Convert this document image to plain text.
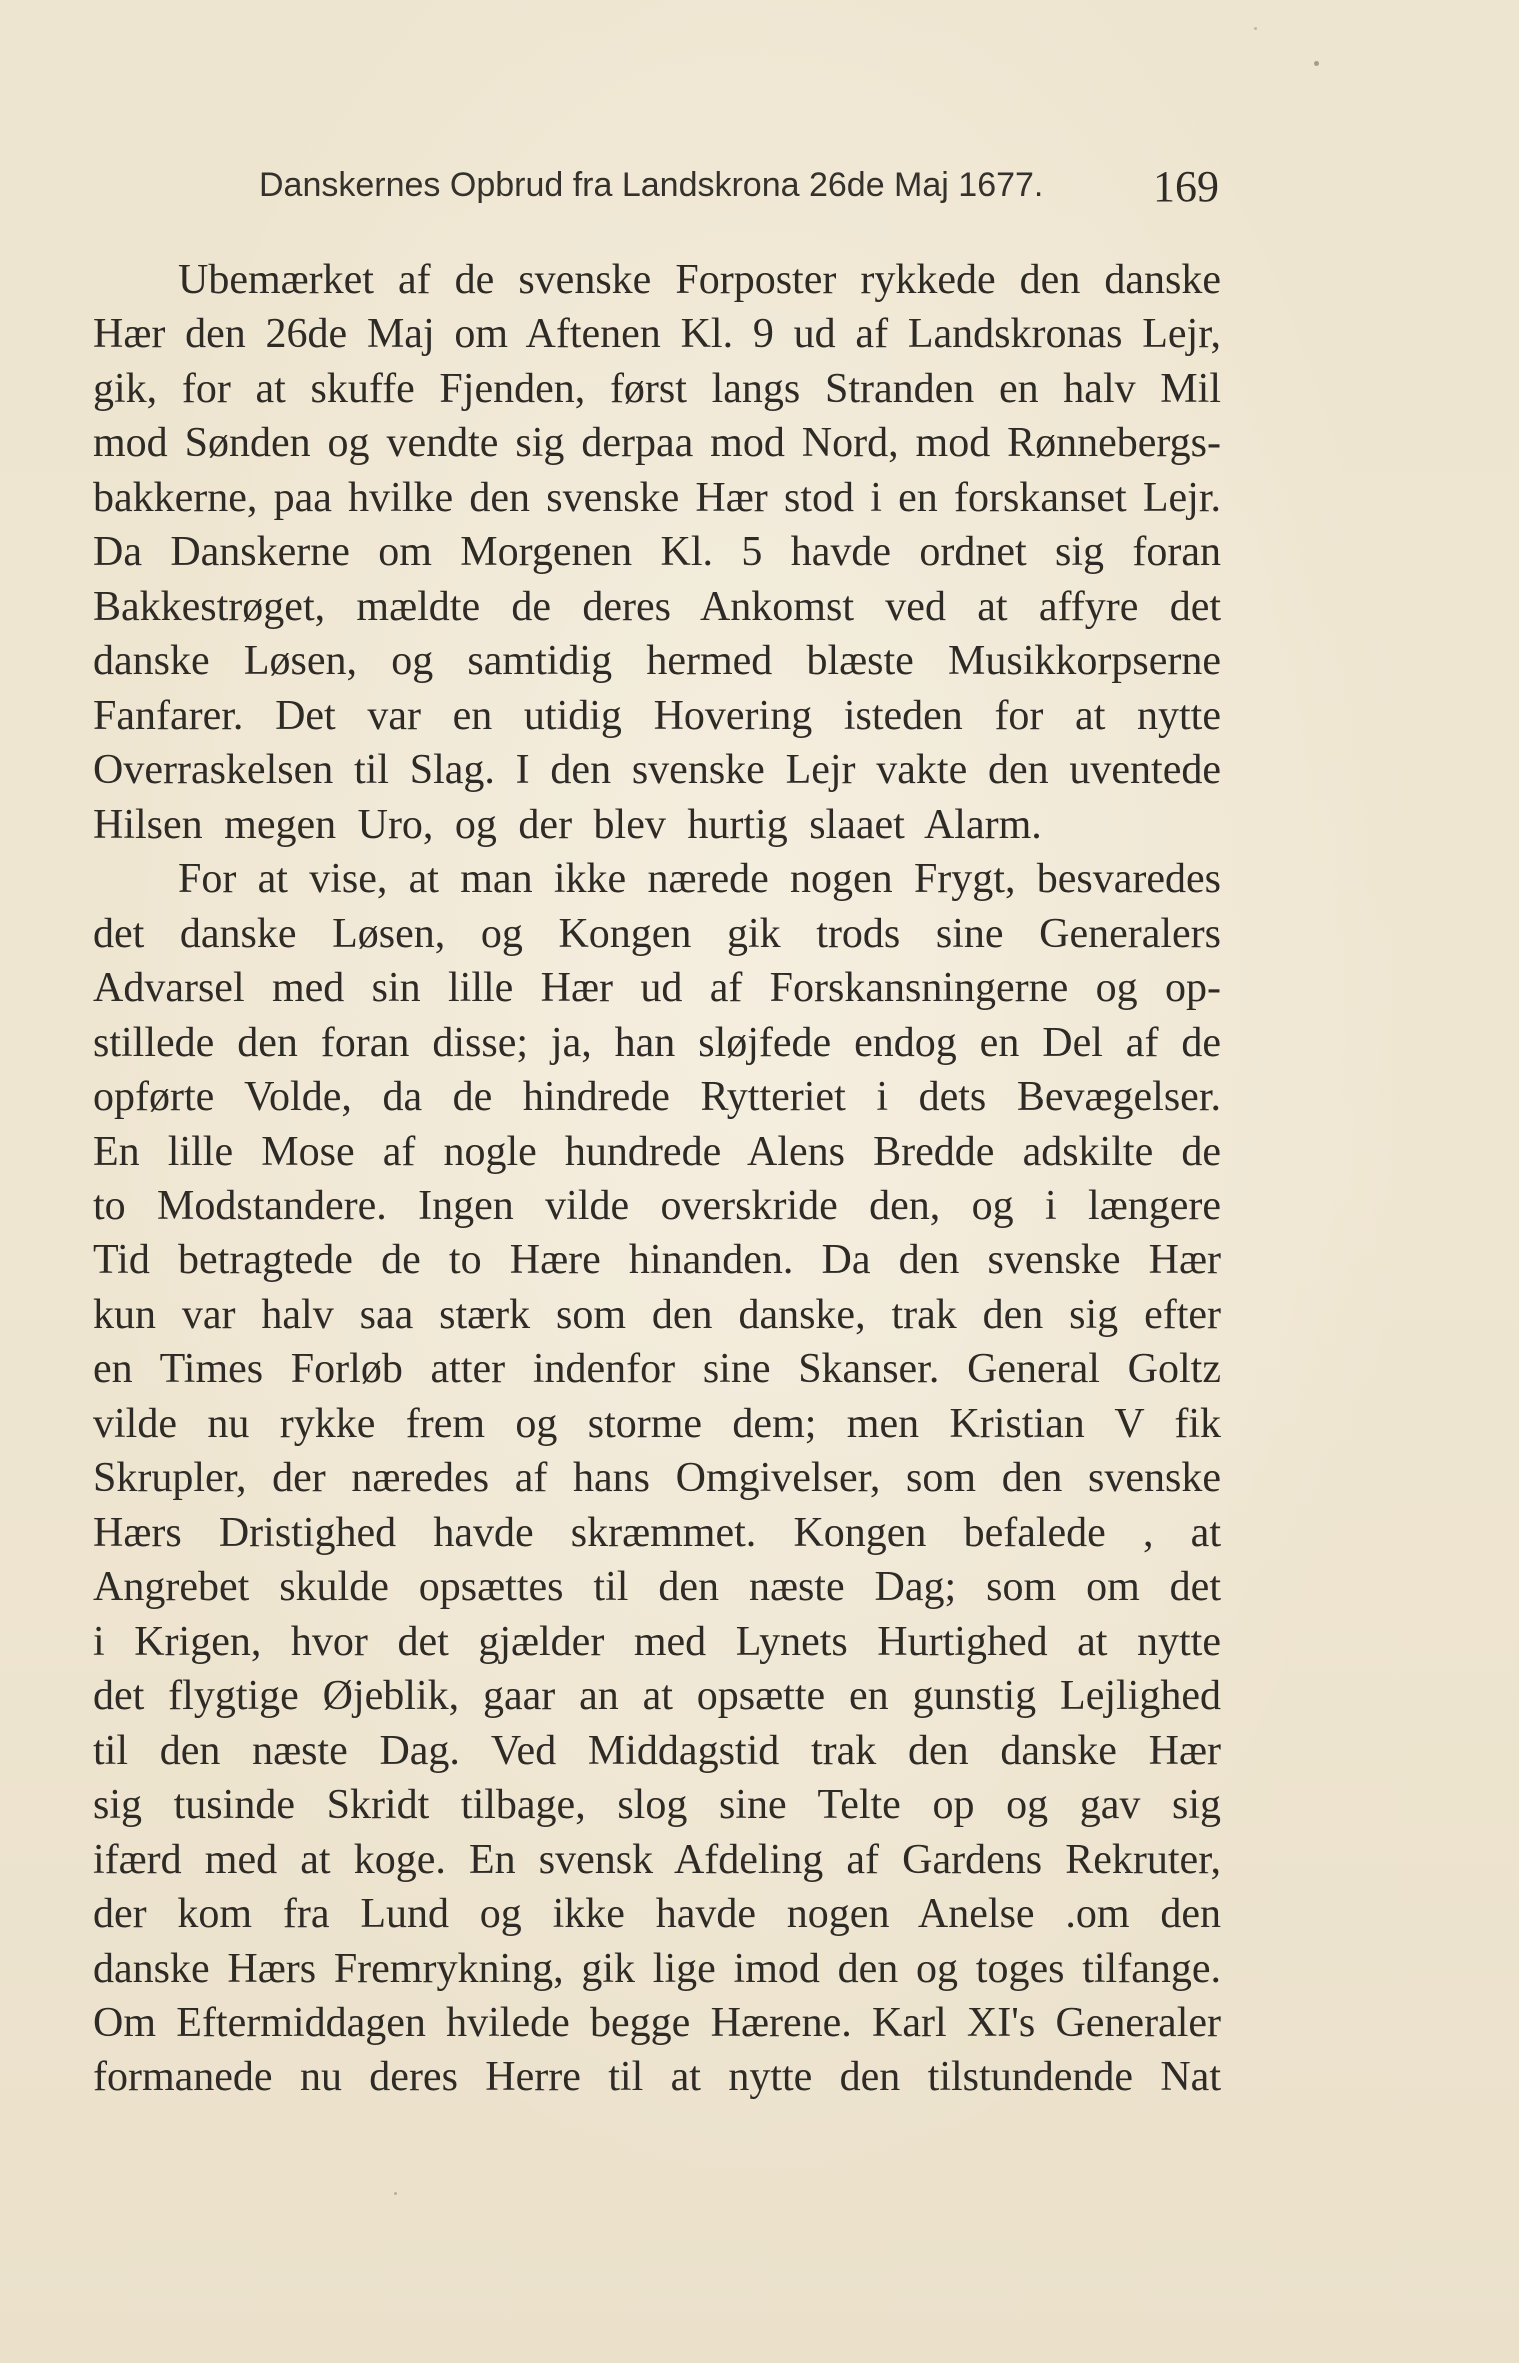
Danskernes Opbrud fra Landskrona 26de Maj 1677. 169
Ubemærket af de svenske Forposter rykkede den danske
Hær den 26de Maj om Aftenen Kl. 9 ud af Landskronas Lejr,
gik, for at skuffe Fjenden, først langs Stranden en halv Mil
mod Sønden og vendte sig derpaa mod Nord, mod Rønnebergs-
bakkerne, paa hvilke den svenske Hær stod i en forskanset Lejr.
Da Danskerne om Morgenen Kl. 5 havde ordnet sig foran
Bakkestrøget, mældte de deres Ankomst ved at affyre det
danske Løsen, og samtidig hermed blæste Musikkorpserne
Fanfarer. Det var en utidig Hovering isteden for at nytte
Overraskelsen til Slag. I den svenske Lejr vakte den uventede
Hilsen megen Uro, og der blev hurtig slaaet Alarm.
For at vise, at man ikke nærede nogen Frygt, besvaredes
det danske Løsen, og Kongen gik trods sine Generalers
Advarsel med sin lille Hær ud af Forskansningerne og op-
stillede den foran disse; ja, han sløjfede endog en Del af de
opførte Volde, da de hindrede Rytteriet i dets Bevægelser.
En lille Mose af nogle hundrede Alens Bredde adskilte de
to Modstandere. Ingen vilde overskride den, og i længere
Tid betragtede de to Hære hinanden. Da den svenske Hær
kun var halv saa stærk som den danske, trak den sig efter
en Times Forløb atter indenfor sine Skanser. General Goltz
vilde nu rykke frem og storme dem; men Kristian V fik
Skrupler, der næredes af hans Omgivelser, som den svenske
Hærs Dristighed havde skræmmet. Kongen befalede , at
Angrebet skulde opsættes til den næste Dag; som om det
i Krigen, hvor det gjælder med Lynets Hurtighed at nytte
det flygtige Øjeblik, gaar an at opsætte en gunstig Lejlighed
til den næste Dag. Ved Middagstid trak den danske Hær
sig tusinde Skridt tilbage, slog sine Telte op og gav sig
ifærd med at koge. En svensk Afdeling af Gardens Rekruter,
der kom fra Lund og ikke havde nogen Anelse .om den
danske Hærs Fremrykning, gik lige imod den og toges tilfange.
Om Eftermiddagen hvilede begge Hærene. Karl XI's Generaler
formanede nu deres Herre til at nytte den tilstundende Nat
